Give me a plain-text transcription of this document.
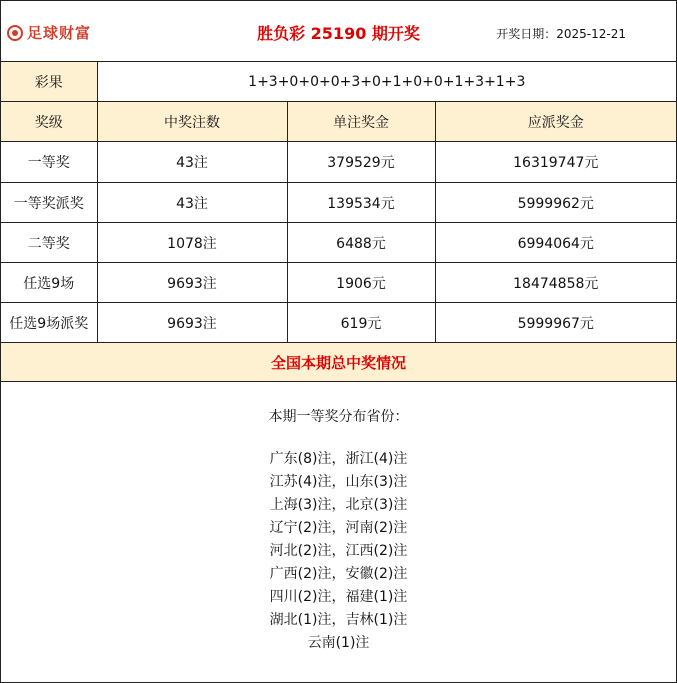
足球财富	胜负彩 25190 期开奖	开奖日期：2025-12-21
彩果	1+3+0+0+0+3+0+1+0+0+1+3+1+3		
奖级	中奖注数	单注奖金	应派奖金
一等奖	43注	379529元	16319747元
一等奖派奖	43注	139534元	5999962元
二等奖	1078注	6488元	6994064元
任选9场	9693注	1906元	18474858元
任选9场派奖	9693注	619元	5999967元
全国本期总中奖情况
本期一等奖分布省份：
广东(8)注，浙江(4)注
江苏(4)注，山东(3)注
上海(3)注，北京(3)注
辽宁(2)注，河南(2)注
河北(2)注，江西(2)注
广西(2)注，安徽(2)注
四川(2)注，福建(1)注
湖北(1)注，吉林(1)注
云南(1)注
